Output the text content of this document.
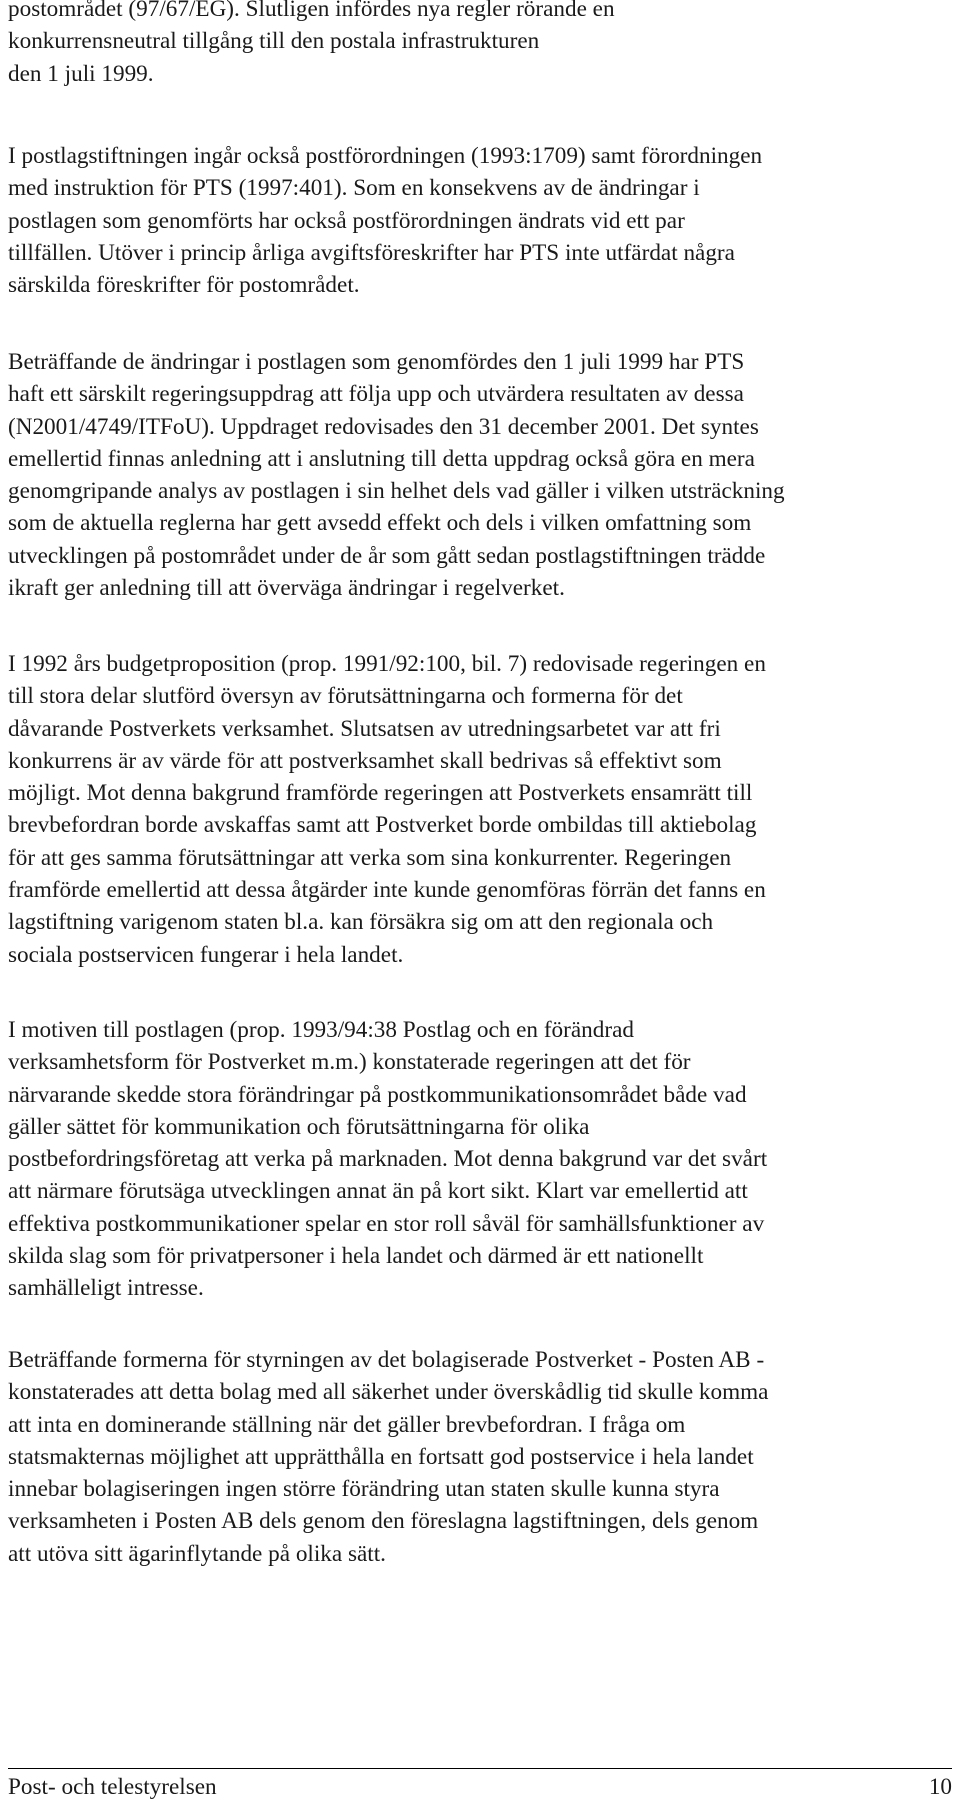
postområdet (97/67/EG). Slutligen infördes nya regler rörande en
konkurrensneutral tillgång till den postala infrastrukturen
den 1 juli 1999.
I postlagstiftningen ingår också postförordningen (1993:1709) samt förordningen
med instruktion för PTS (1997:401). Som en konsekvens av de ändringar i
postlagen som genomförts har också postförordningen ändrats vid ett par
tillfällen. Utöver i princip årliga avgiftsföreskrifter har PTS inte utfärdat några
särskilda föreskrifter för postområdet.
Beträffande de ändringar i postlagen som genomfördes den 1 juli 1999 har PTS
haft ett särskilt regeringsuppdrag att följa upp och utvärdera resultaten av dessa
(N2001/4749/ITFoU). Uppdraget redovisades den 31 december 2001. Det syntes
emellertid finnas anledning att i anslutning till detta uppdrag också göra en mera
genomgripande analys av postlagen i sin helhet dels vad gäller i vilken utsträckning
som de aktuella reglerna har gett avsedd effekt och dels i vilken omfattning som
utvecklingen på postområdet under de år som gått sedan postlagstiftningen trädde
ikraft ger anledning till att överväga ändringar i regelverket.
I 1992 års budgetproposition (prop. 1991/92:100, bil. 7) redovisade regeringen en
till stora delar slutförd översyn av förutsättningarna och formerna för det
dåvarande Postverkets verksamhet. Slutsatsen av utredningsarbetet var att fri
konkurrens är av värde för att postverksamhet skall bedrivas så effektivt som
möjligt. Mot denna bakgrund framförde regeringen att Postverkets ensamrätt till
brevbefordran borde avskaffas samt att Postverket borde ombildas till aktiebolag
för att ges samma förutsättningar att verka som sina konkurrenter. Regeringen
framförde emellertid att dessa åtgärder inte kunde genomföras förrän det fanns en
lagstiftning varigenom staten bl.a. kan försäkra sig om att den regionala och
sociala postservicen fungerar i hela landet.
I motiven till postlagen (prop. 1993/94:38 Postlag och en förändrad
verksamhetsform för Postverket m.m.) konstaterade regeringen att det för
närvarande skedde stora förändringar på postkommunikationsområdet både vad
gäller sättet för kommunikation och förutsättningarna för olika
postbefordringsföretag att verka på marknaden. Mot denna bakgrund var det svårt
att närmare förutsäga utvecklingen annat än på kort sikt. Klart var emellertid att
effektiva postkommunikationer spelar en stor roll såväl för samhällsfunktioner av
skilda slag som för privatpersoner i hela landet och därmed är ett nationellt
samhälleligt intresse.
Beträffande formerna för styrningen av det bolagiserade Postverket - Posten AB -
konstaterades att detta bolag med all säkerhet under överskådlig tid skulle komma
att inta en dominerande ställning när det gäller brevbefordran. I fråga om
statsmakternas möjlighet att upprätthålla en fortsatt god postservice i hela landet
innebar bolagiseringen ingen större förändring utan staten skulle kunna styra
verksamheten i Posten AB dels genom den föreslagna lagstiftningen, dels genom
att utöva sitt ägarinflytande på olika sätt.
Post- och telestyrelsen	10
